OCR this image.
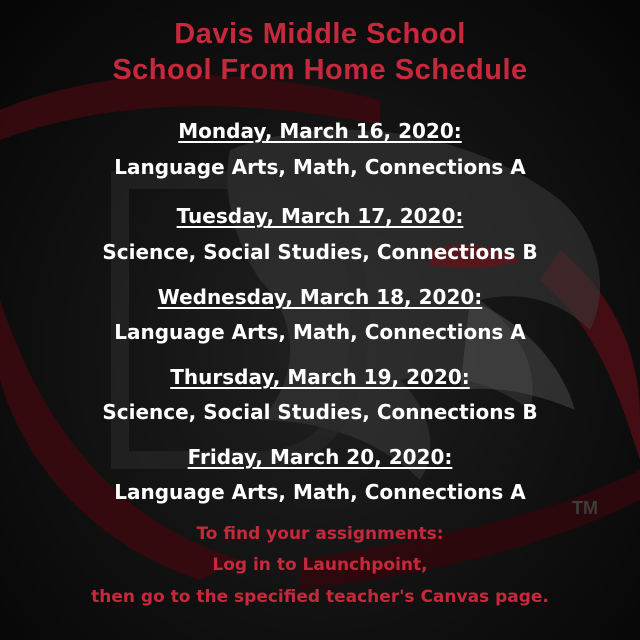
Davis Middle School
School From Home Schedule
Monday, March 16, 2020:
Language Arts, Math, Connections A
Tuesday, March 17, 2020:
Science, Social Studies, Connections B
Wednesday, March 18, 2020:
Language Arts, Math, Connections A
Thursday, March 19, 2020:
Science, Social Studies, Connections B
Friday, March 20, 2020:
Language Arts, Math, Connections A
To find your assignments:
Log in to Launchpoint,
then go to the specified teacher's Canvas page.
TM
